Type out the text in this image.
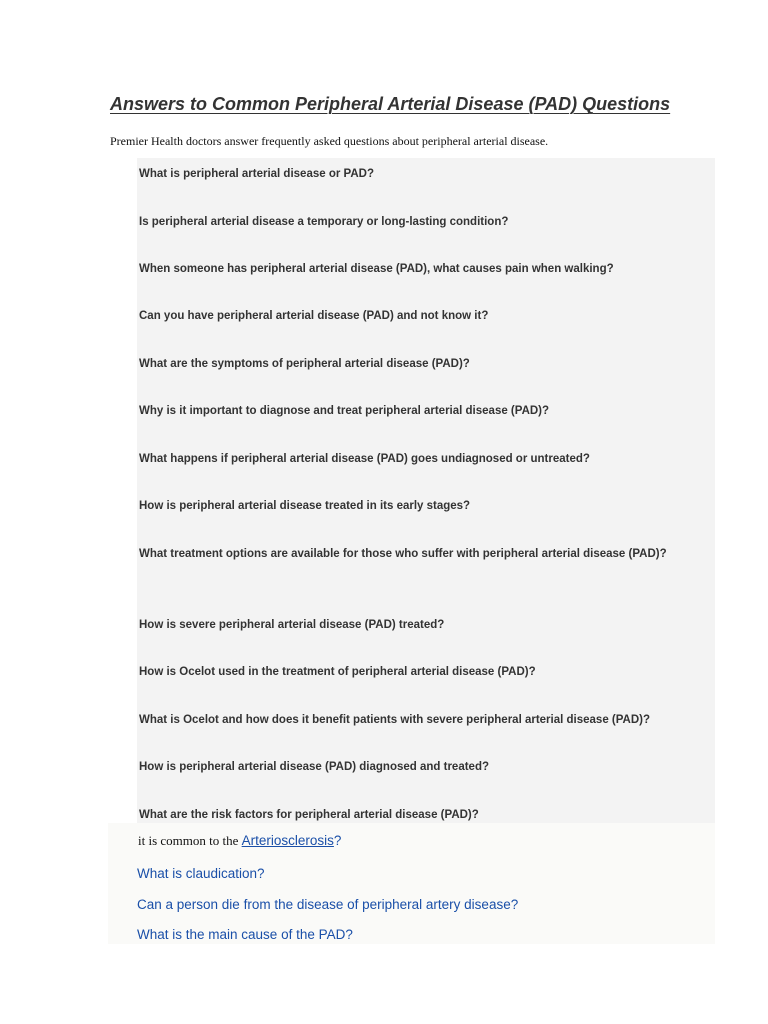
Answers to Common Peripheral Arterial Disease (PAD) Questions

Premier Health doctors answer frequently asked questions about peripheral arterial disease.

What is peripheral arterial disease or PAD?

Is peripheral arterial disease a temporary or long-lasting condition?

When someone has peripheral arterial disease (PAD), what causes pain when walking?

Can you have peripheral arterial disease (PAD) and not know it?

What are the symptoms of peripheral arterial disease (PAD)?

Why is it important to diagnose and treat peripheral arterial disease (PAD)?

What happens if peripheral arterial disease (PAD) goes undiagnosed or untreated?

How is peripheral arterial disease treated in its early stages?

What treatment options are available for those who suffer with peripheral arterial disease (PAD)?

How is severe peripheral arterial disease (PAD) treated?

How is Ocelot used in the treatment of peripheral arterial disease (PAD)?

What is Ocelot and how does it benefit patients with severe peripheral arterial disease (PAD)?

How is peripheral arterial disease (PAD) diagnosed and treated?

What are the risk factors for peripheral arterial disease (PAD)?

it is common to the Arteriosclerosis?
What is claudication?
Can a person die from the disease of peripheral artery disease?
What is the main cause of the PAD?
